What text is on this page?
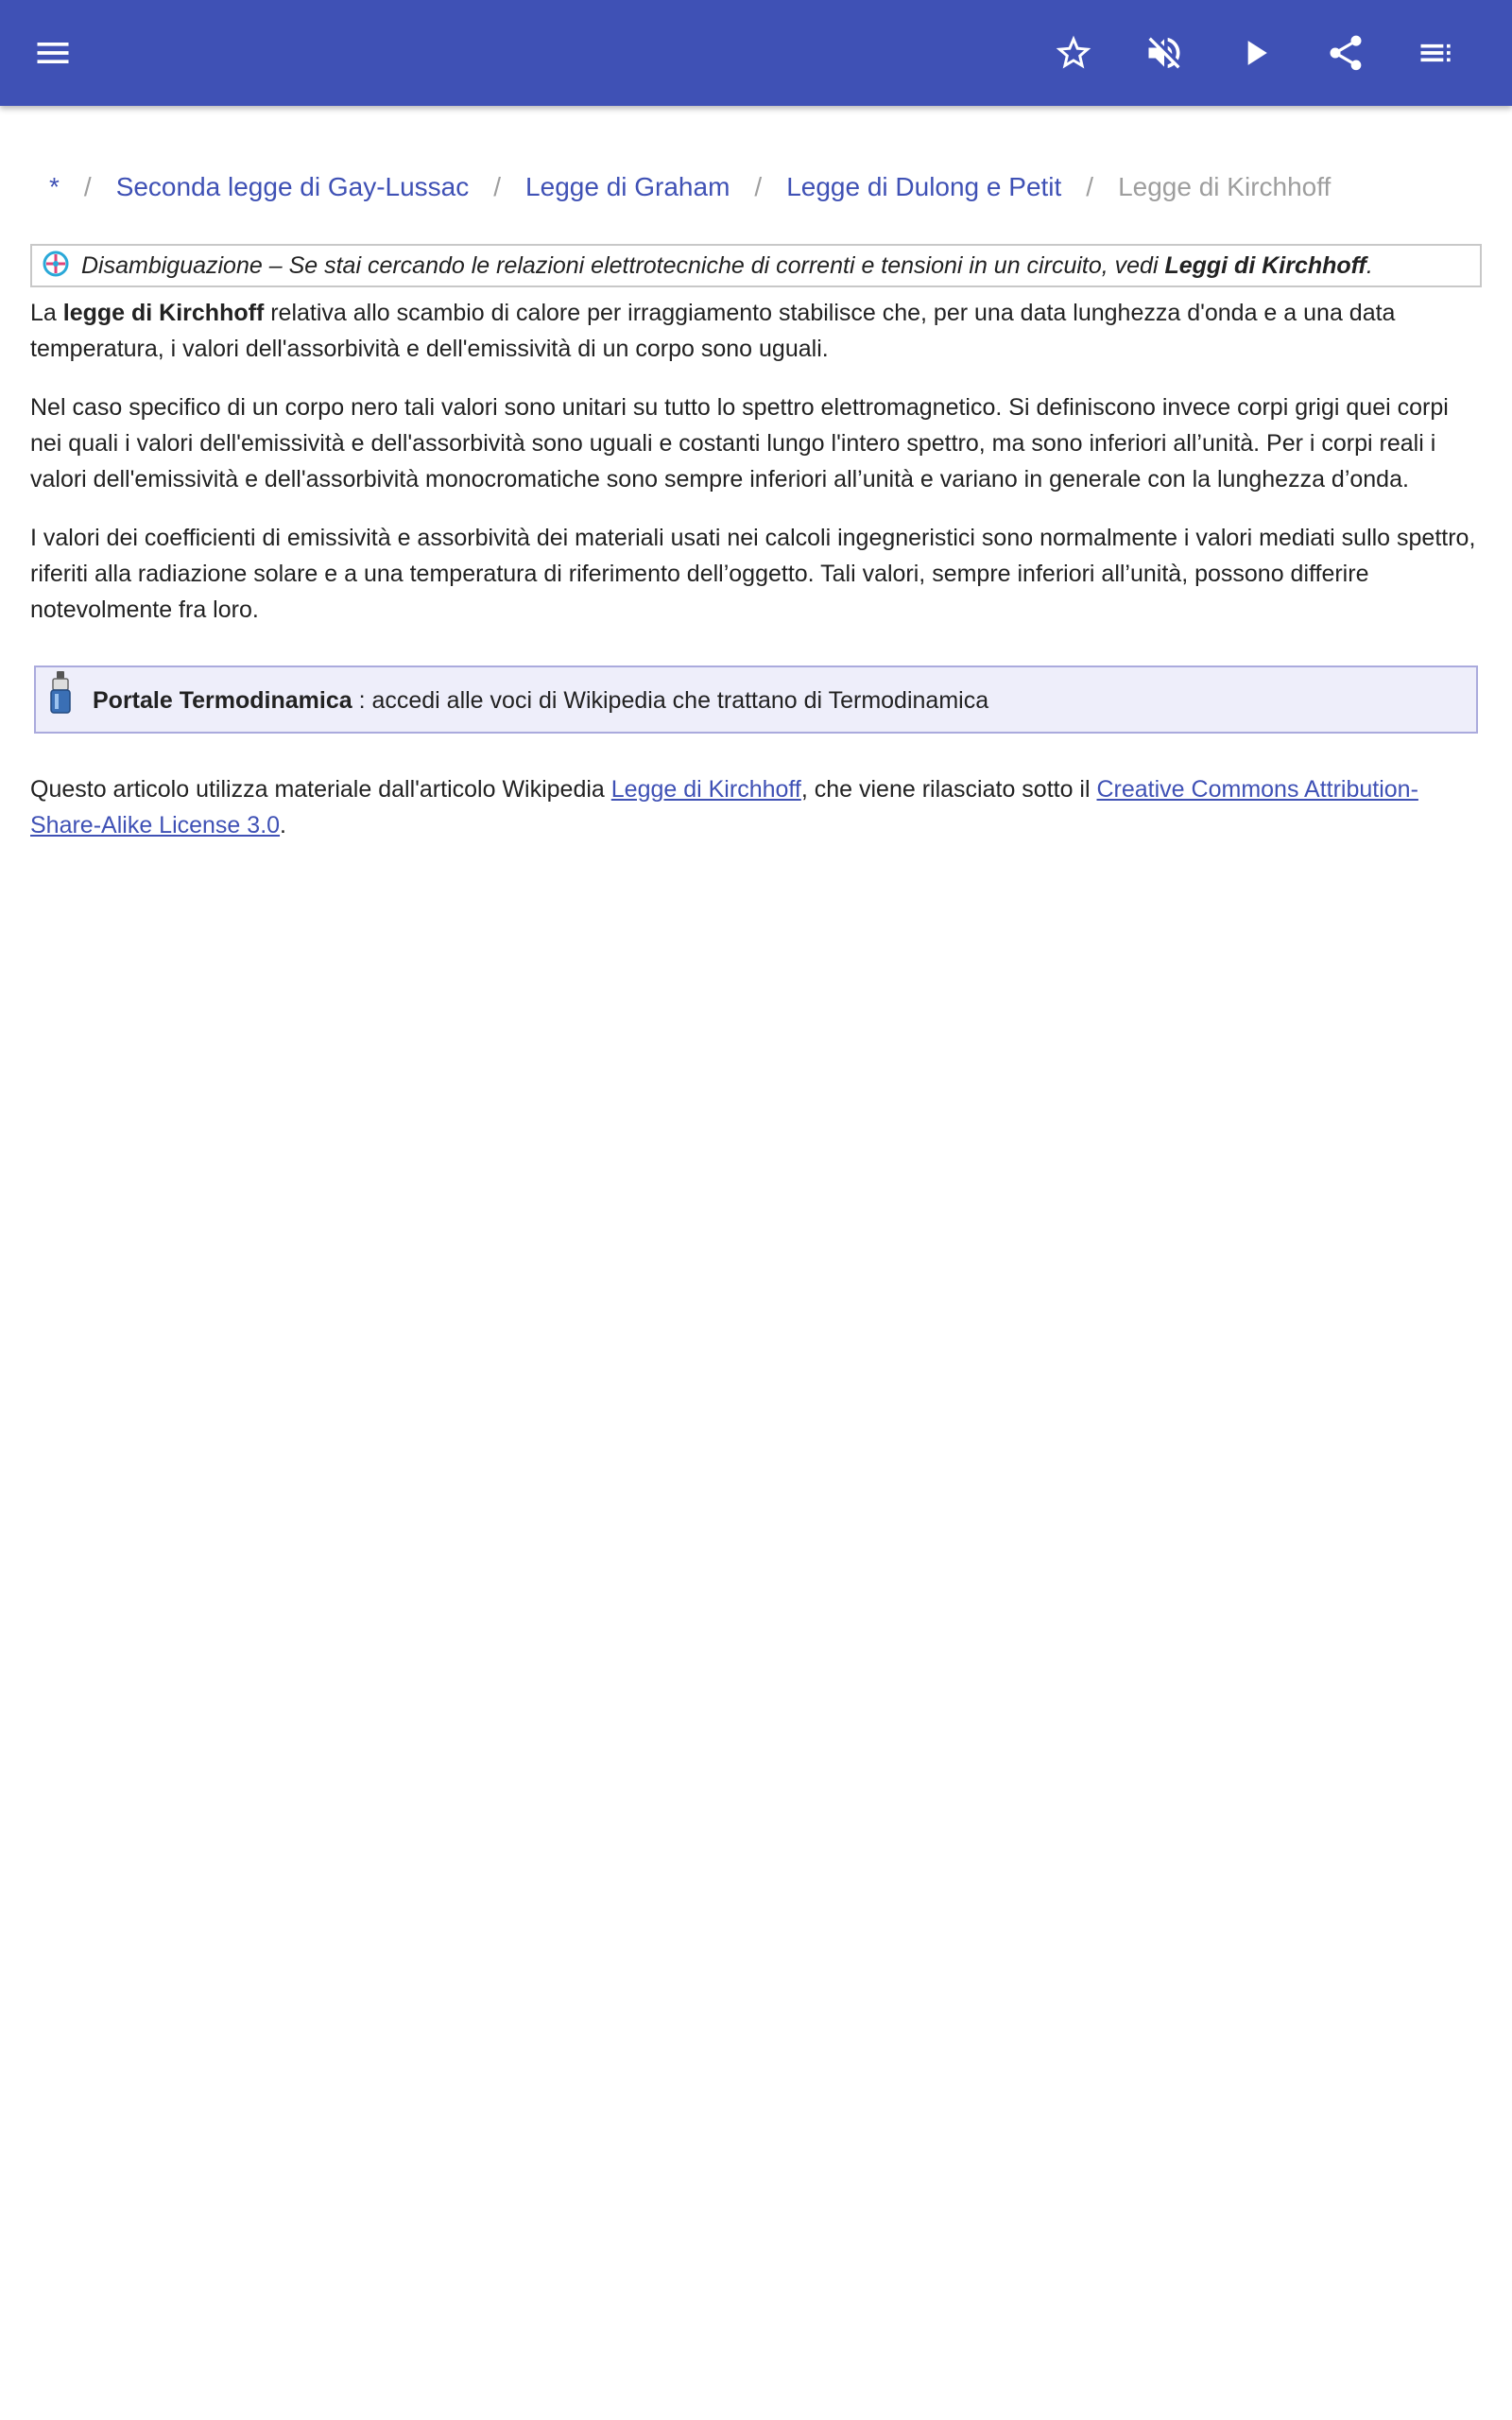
* / Seconda legge di Gay-Lussac / Legge di Graham / Legge di Dulong e Petit / Legge di Kirchhoff
Disambiguazione – Se stai cercando le relazioni elettrotecniche di correnti e tensioni in un circuito, vedi Leggi di Kirchhoff.

La legge di Kirchhoff relativa allo scambio di calore per irraggiamento stabilisce che, per una data lunghezza d'onda e a una data temperatura, i valori dell'assorbività e dell'emissività di un corpo sono uguali.

Nel caso specifico di un corpo nero tali valori sono unitari su tutto lo spettro elettromagnetico. Si definiscono invece corpi grigi quei corpi nei quali i valori dell'emissività e dell'assorbività sono uguali e costanti lungo l'intero spettro, ma sono inferiori all’unità. Per i corpi reali i valori dell'emissività e dell'assorbività monocromatiche sono sempre inferiori all’unità e variano in generale con la lunghezza d’onda.

I valori dei coefficienti di emissività e assorbività dei materiali usati nei calcoli ingegneristici sono normalmente i valori mediati sullo spettro, riferiti alla radiazione solare e a una temperatura di riferimento dell’oggetto. Tali valori, sempre inferiori all’unità, possono differire notevolmente fra loro.

Portale Termodinamica : accedi alle voci di Wikipedia che trattano di Termodinamica

Questo articolo utilizza materiale dall'articolo Wikipedia Legge di Kirchhoff, che viene rilasciato sotto il Creative Commons Attribution-Share-Alike License 3.0.
